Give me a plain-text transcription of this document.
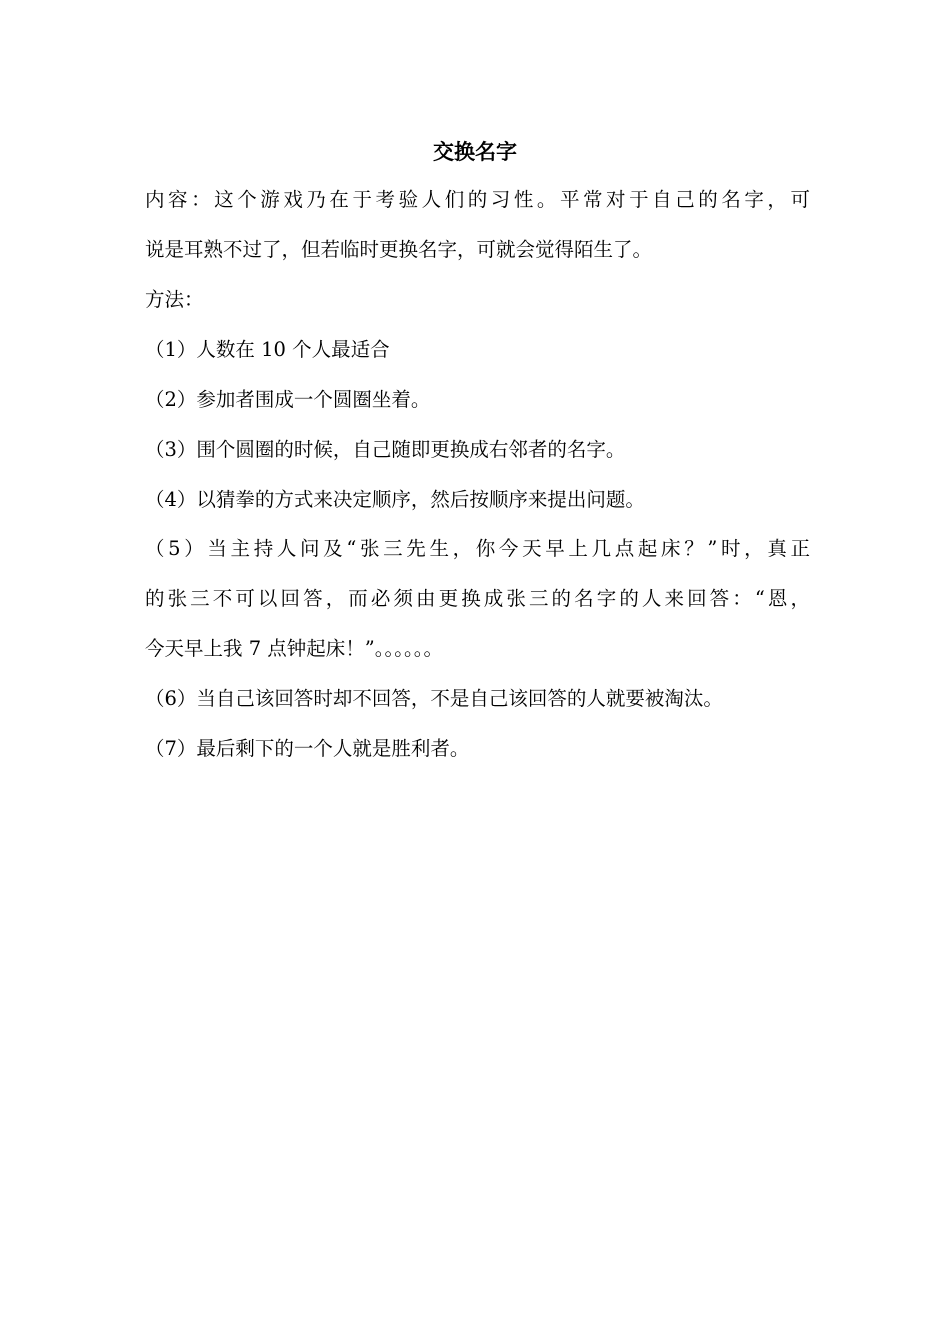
交换名字
内容：这个游戏乃在于考验人们的习性。平常对于自己的名字，可
说是耳熟不过了，但若临时更换名字，可就会觉得陌生了。
方法：
（1）人数在 10 个人最适合
（2）参加者围成一个圆圈坐着。
（3）围个圆圈的时候，自己随即更换成右邻者的名字。
（4）以猜拳的方式来决定顺序，然后按顺序来提出问题。
（5）当主持人问及“张三先生，你今天早上几点起床？”时，真正
的张三不可以回答，而必须由更换成张三的名字的人来回答：“恩，
今天早上我 7 点钟起床！”。。。。。。
（6）当自己该回答时却不回答，不是自己该回答的人就要被淘汰。
（7）最后剩下的一个人就是胜利者。
